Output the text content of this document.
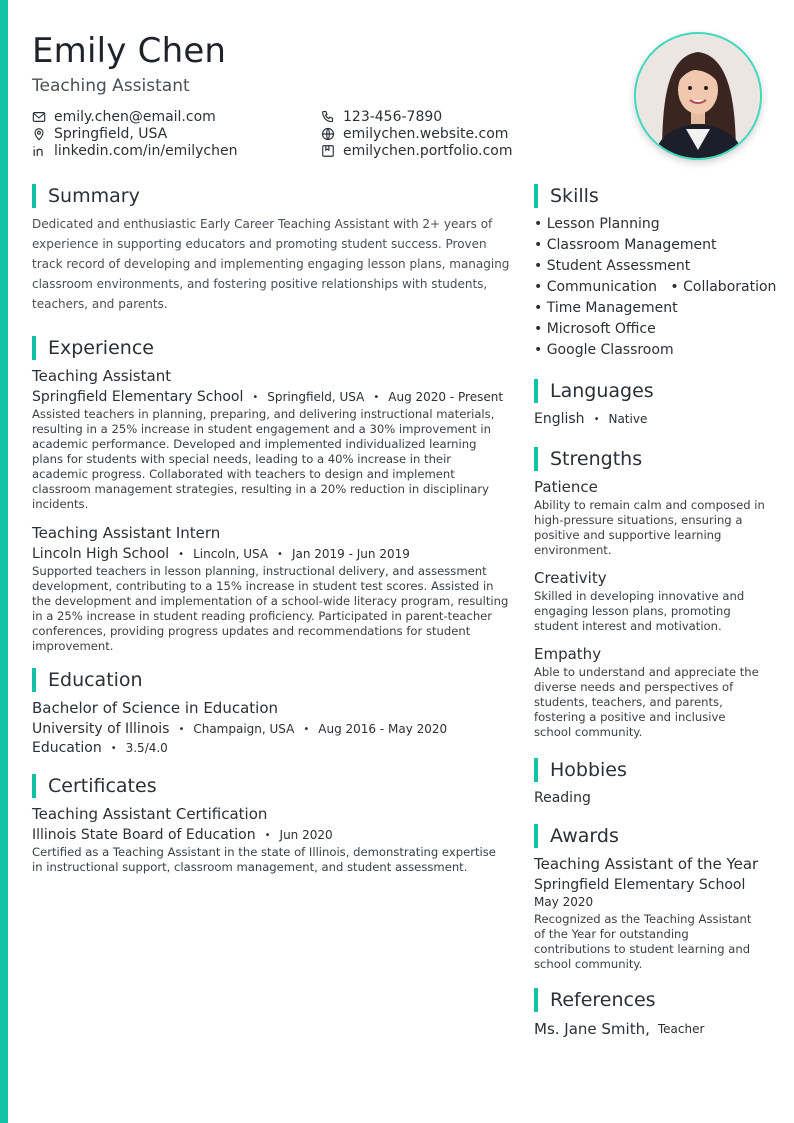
Emily Chen
Teaching Assistant
emily.chen@email.com	123-456-7890
Springfield, USA	emilychen.website.com
linkedin.com/in/emilychen	emilychen.portfolio.com
Summary

Dedicated and enthusiastic Early Career Teaching Assistant with 2+ years of experience in supporting educators and promoting student success. Proven track record of developing and implementing engaging lesson plans, managing classroom environments, and fostering positive relationships with students, teachers, and parents.

Experience
Teaching Assistant
Springfield Elementary School • Springfield, USA • Aug 2020 - Present

Assisted teachers in planning, preparing, and delivering instructional materials, resulting in a 25% increase in student engagement and a 30% improvement in academic performance. Developed and implemented individualized learning plans for students with special needs, leading to a 40% increase in their academic progress. Collaborated with teachers to design and implement classroom management strategies, resulting in a 20% reduction in disciplinary incidents.

Teaching Assistant Intern
Lincoln High School • Lincoln, USA • Jan 2019 - Jun 2019

Supported teachers in lesson planning, instructional delivery, and assessment development, contributing to a 15% increase in student test scores. Assisted in the development and implementation of a school-wide literacy program, resulting in a 25% increase in student reading proficiency. Participated in parent-teacher conferences, providing progress updates and recommendations for student improvement.

Education
Bachelor of Science in Education
University of Illinois • Champaign, USA • Aug 2016 - May 2020
Education • 3.5/4.0
Certificates
Teaching Assistant Certification
Illinois State Board of Education • Jun 2020

Certified as a Teaching Assistant in the state of Illinois, demonstrating expertise in instructional support, classroom management, and student assessment.

Skills
• Lesson Planning
• Classroom Management
• Student Assessment
• Communication   • Collaboration
• Time Management
• Microsoft Office
• Google Classroom
Languages
English • Native
Strengths
Patience

Ability to remain calm and composed in high-pressure situations, ensuring a positive and supportive learning environment.

Creativity

Skilled in developing innovative and engaging lesson plans, promoting student interest and motivation.

Empathy

Able to understand and appreciate the diverse needs and perspectives of students, teachers, and parents, fostering a positive and inclusive school community.

Hobbies
Reading
Awards
Teaching Assistant of the Year
Springfield Elementary School
May 2020

Recognized as the Teaching Assistant of the Year for outstanding contributions to student learning and school community.

References
Ms. Jane Smith, Teacher
